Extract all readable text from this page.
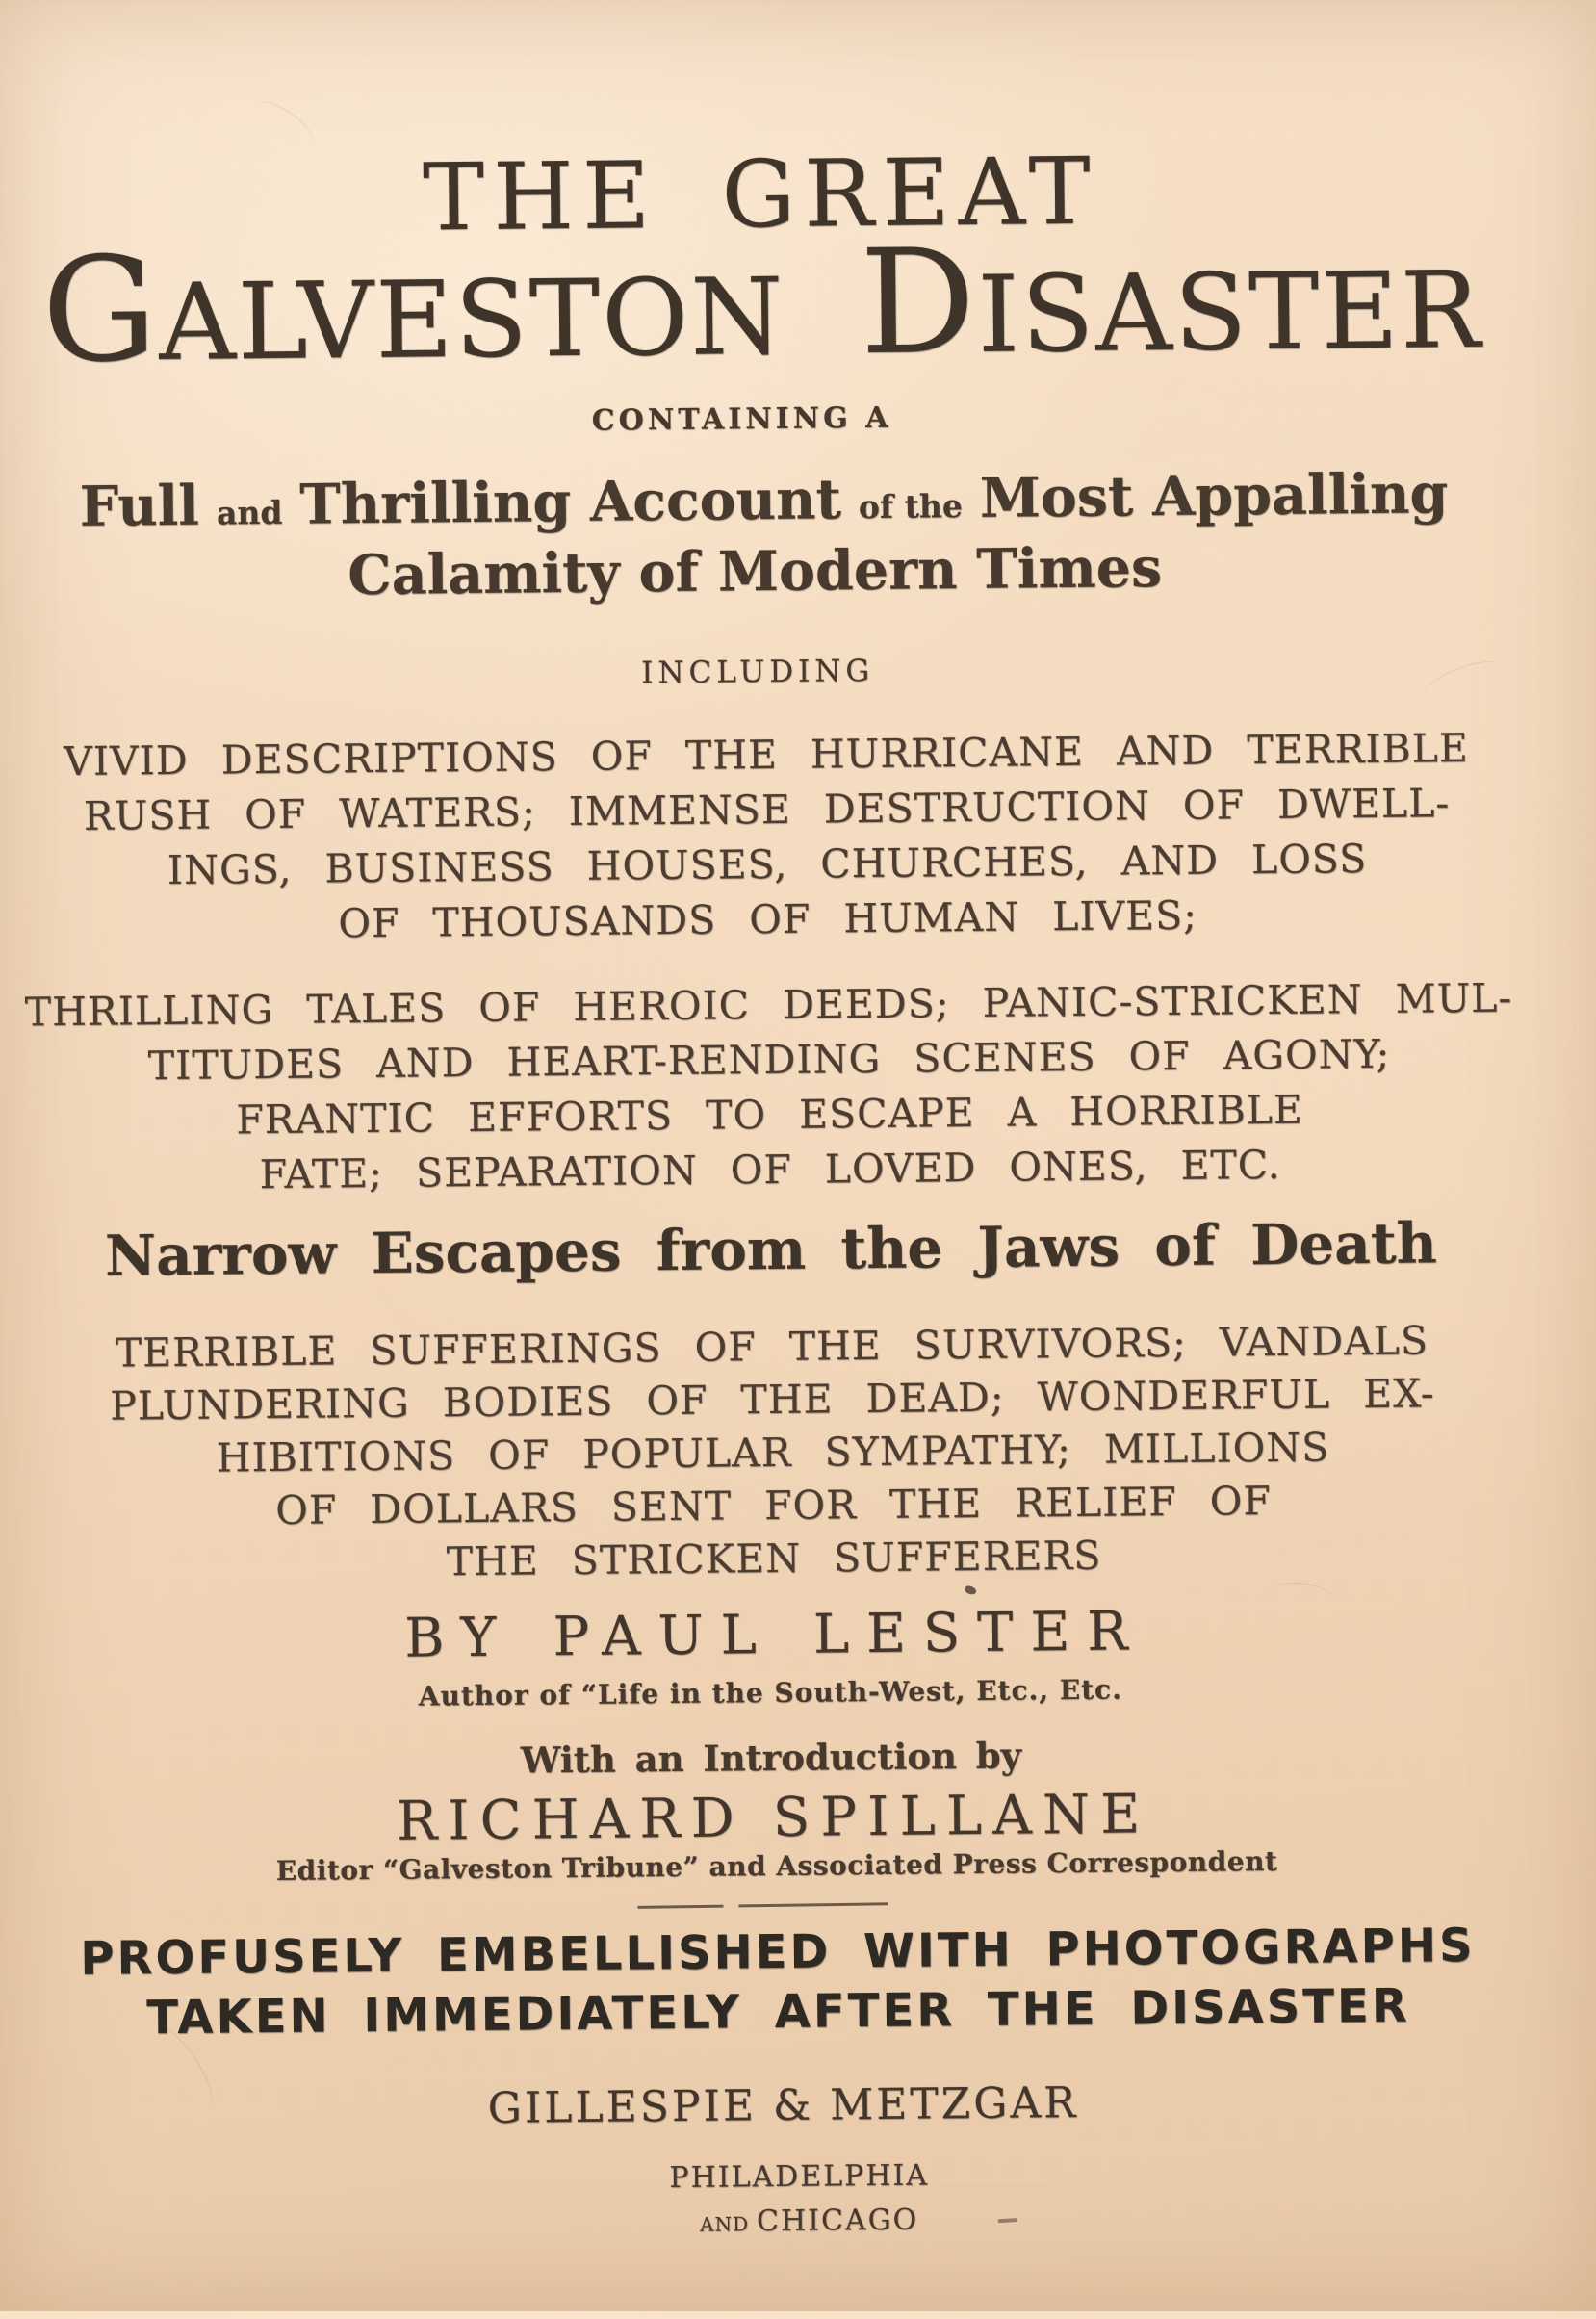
THE GREAT
GALVESTON DISASTER
CONTAINING A
Full and Thrilling Account of the Most Appalling
Calamity of Modern Times
INCLUDING
VIVID DESCRIPTIONS OF THE HURRICANE AND TERRIBLE
RUSH OF WATERS; IMMENSE DESTRUCTION OF DWELL-
INGS, BUSINESS HOUSES, CHURCHES, AND LOSS
OF THOUSANDS OF HUMAN LIVES;
THRILLING TALES OF HEROIC DEEDS; PANIC-STRICKEN MUL-
TITUDES AND HEART-RENDING SCENES OF AGONY;
FRANTIC EFFORTS TO ESCAPE A HORRIBLE
FATE; SEPARATION OF LOVED ONES, ETC.
Narrow Escapes from the Jaws of Death
TERRIBLE SUFFERINGS OF THE SURVIVORS; VANDALS
PLUNDERING BODIES OF THE DEAD; WONDERFUL EX-
HIBITIONS OF POPULAR SYMPATHY; MILLIONS
OF DOLLARS SENT FOR THE RELIEF OF
THE STRICKEN SUFFERERS
BY PAUL LESTER
Author of “Life in the South-West, Etc., Etc.
With an Introduction by
RICHARD SPILLANE
Editor “Galveston Tribune” and Associated Press Correspondent
PROFUSELY EMBELLISHED WITH PHOTOGRAPHS
TAKEN IMMEDIATELY AFTER THE DISASTER
GILLESPIE & METZGAR
PHILADELPHIA
AND CHICAGO
